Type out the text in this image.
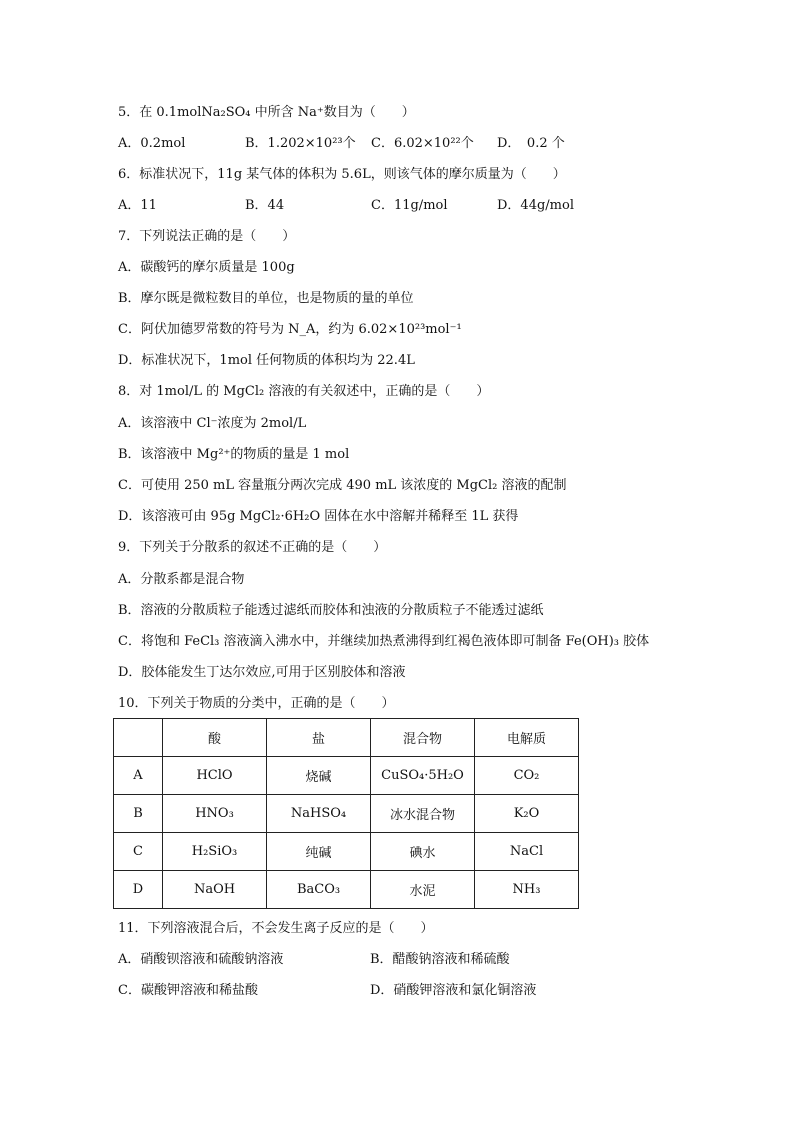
5．在 0.1molNa₂SO₄ 中所含 Na⁺数目为（　　）
A．0.2mol	B．1.202×10²³个 C．6.02×10²²个 D．　0.2 个
6．标准状况下，11g 某气体的体积为 5.6L，则该气体的摩尔质量为（　　）
A．11	B．44	C．11g/mol	D．44g/mol
7．下列说法正确的是（　　）
A．碳酸钙的摩尔质量是 100g
B．摩尔既是微粒数目的单位，也是物质的量的单位
C．阿伏加德罗常数的符号为 N_A，约为 6.02×10²³mol⁻¹
D．标准状况下，1mol 任何物质的体积均为 22.4L
8．对 1mol/L 的 MgCl₂ 溶液的有关叙述中，正确的是（　　）
A．该溶液中 Cl⁻浓度为 2mol/L
B．该溶液中 Mg²⁺的物质的量是 1 mol
C．可使用 250 mL 容量瓶分两次完成 490 mL 该浓度的 MgCl₂ 溶液的配制
D．该溶液可由 95g MgCl₂·6H₂O 固体在水中溶解并稀释至 1L 获得
9．下列关于分散系的叙述不正确的是（　　）
A．分散系都是混合物
B．溶液的分散质粒子能透过滤纸而胶体和浊液的分散质粒子不能透过滤纸
C．将饱和 FeCl₃ 溶液滴入沸水中，并继续加热煮沸得到红褐色液体即可制备 Fe(OH)₃ 胶体
D．胶体能发生丁达尔效应,可用于区别胶体和溶液
10．下列关于物质的分类中，正确的是（　　）
	酸	盐	混合物	电解质
A	HClO	烧碱	CuSO₄·5H₂O	CO₂
B	HNO₃	NaHSO₄	冰水混合物	K₂O
C	H₂SiO₃	纯碱	碘水	NaCl
D	NaOH	BaCO₃	水泥	NH₃
11．下列溶液混合后，不会发生离子反应的是（　　）
A．硝酸钡溶液和硫酸钠溶液	B．醋酸钠溶液和稀硫酸
C．碳酸钾溶液和稀盐酸	D．硝酸钾溶液和氯化铜溶液
